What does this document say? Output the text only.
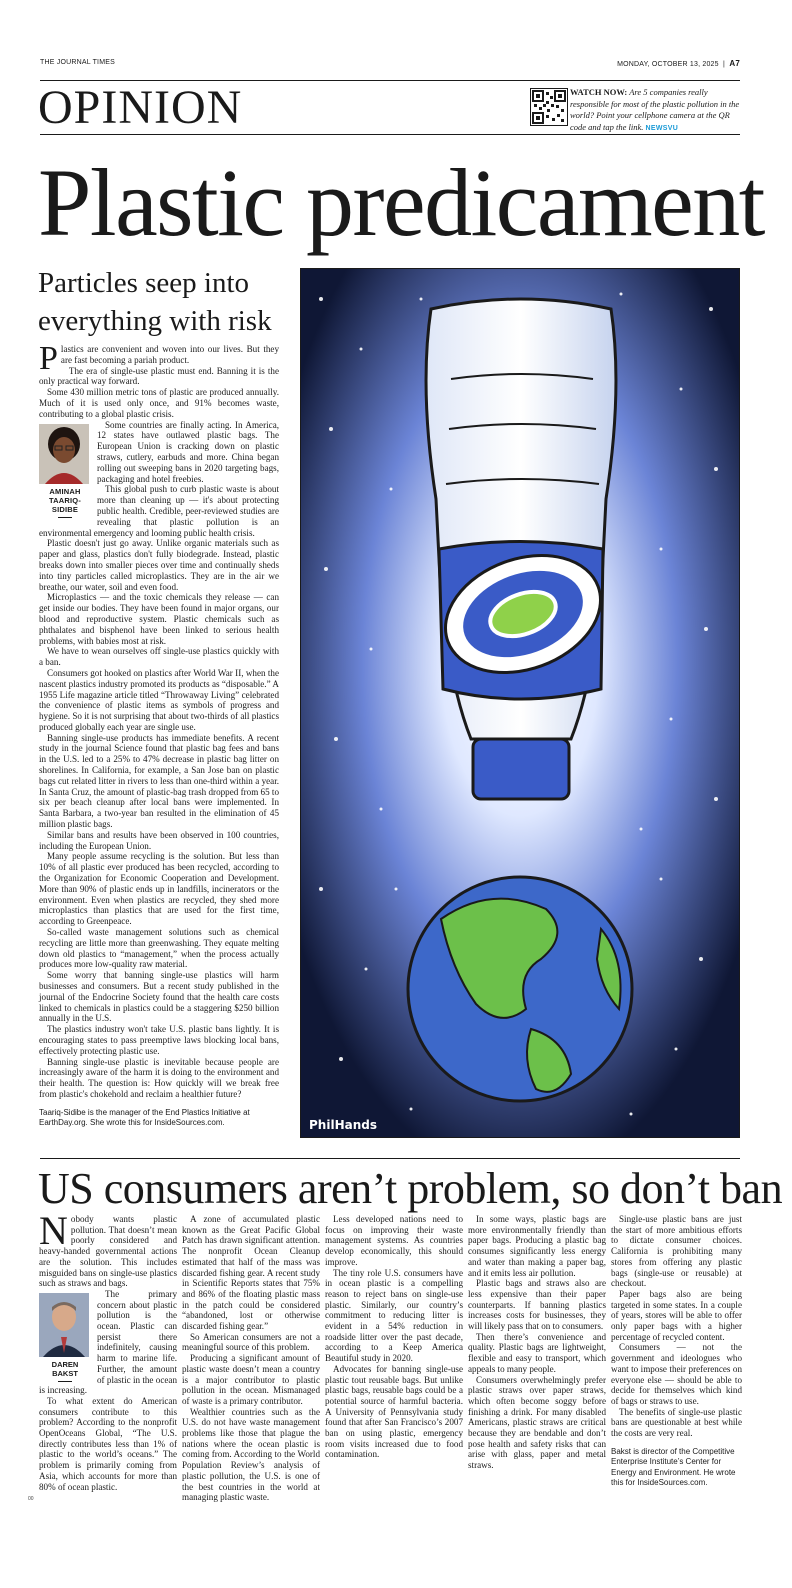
THE JOURNAL TIMES	MONDAY, OCTOBER 13, 2025  |  A7
OPINION	WATCH NOW: Are 5 companies really responsible for most of the plastic pollution in the world? Point your cellphone camera at the QR code and tap the link. NEWSVU
Plastic predicament
Particles seep into everything with risk

Plastics are convenient and woven into our lives. But they are fast becoming a pariah product.

The era of single-use plastic must end. Banning it is the only practical way forward.

Some 430 million metric tons of plastic are produced annually. Much of it is used only once, and 91% becomes waste, contributing to a global plastic crisis.

AMINAH
TAARIQ-
SIDIBE

Some countries are finally acting. In America, 12 states have outlawed plastic bags. The European Union is cracking down on plastic straws, cutlery, earbuds and more. China began rolling out sweeping bans in 2020 targeting bags, packaging and hotel freebies.

This global push to curb plastic waste is about more than cleaning up — it's about protecting public health. Credible, peer-reviewed studies are revealing that plastic pollution is an environmental emergency and looming public health crisis.

Plastic doesn't just go away. Unlike organic materials such as paper and glass, plastics don't fully biodegrade. Instead, plastic breaks down into smaller pieces over time and continually sheds into tiny particles called microplastics. They are in the air we breathe, our water, soil and even food.

Microplastics — and the toxic chemicals they release — can get inside our bodies. They have been found in major organs, our blood and reproductive system. Plastic chemicals such as phthalates and bisphenol have been linked to serious health problems, with babies most at risk.

We have to wean ourselves off single-use plastics quickly with a ban.

Consumers got hooked on plastics after World War II, when the nascent plastics industry promoted its products as “disposable.” A 1955 Life magazine article titled “Throwaway Living” celebrated the convenience of plastic items as symbols of progress and hygiene. So it is not surprising that about two-thirds of all plastics produced globally each year are single use.

Banning single-use products has immediate benefits. A recent study in the journal Science found that plastic bag fees and bans in the U.S. led to a 25% to 47% decrease in plastic bag litter on shorelines. In California, for example, a San Jose ban on plastic bags cut related litter in rivers to less than one-third within a year. In Santa Cruz, the amount of plastic-bag trash dropped from 65 to six per beach cleanup after local bans were implemented. In Santa Barbara, a two-year ban resulted in the elimination of 45 million plastic bags.

Similar bans and results have been observed in 100 countries, including the European Union.

Many people assume recycling is the solution. But less than 10% of all plastic ever produced has been recycled, according to the Organization for Economic Cooperation and Development. More than 90% of plastic ends up in landfills, incinerators or the environment. Even when plastics are recycled, they shed more microplastics than plastics that are used for the first time, according to Greenpeace.

So-called waste management solutions such as chemical recycling are little more than greenwashing. They equate melting down old plastics to “management,” when the process actually produces more low-quality raw material.

Some worry that banning single-use plastics will harm businesses and consumers. But a recent study published in the journal of the Endocrine Society found that the health care costs linked to chemicals in plastics could be a staggering $250 billion annually in the U.S.

The plastics industry won't take U.S. plastic bans lightly. It is encouraging states to pass preemptive laws blocking local bans, effectively protecting plastic use.

Banning single-use plastic is inevitable because people are increasingly aware of the harm it is doing to the environment and their health. The question is: How quickly will we break free from plastic's chokehold and reclaim a healthier future?

Taariq-Sidibe is the manager of the End Plastics Initiative at EarthDay.org. She wrote this for InsideSources.com.	PhilHands
US consumers aren’t problem, so don’t ban

Nobody wants plastic pollution. That doesn’t mean poorly considered and heavy-handed governmental actions are the solution. This includes misguided bans on single-use plastics such as straws and bags.

DAREN
BAKST

The primary concern about plastic pollution is the ocean. Plastic can persist there indefinitely, causing harm to marine life. Further, the amount of plastic in the ocean is increasing.

To what extent do American consumers contribute to this problem? According to the nonprofit OpenOceans Global, “The U.S. directly contributes less than 1% of plastic to the world’s oceans.” The problem is primarily coming from Asia, which accounts for more than 80% of ocean plastic.

A zone of accumulated plastic known as the Great Pacific Global Patch has drawn significant attention. The nonprofit Ocean Cleanup estimated that half of the mass was discarded fishing gear. A recent study in Scientific Reports states that 75% and 86% of the floating plastic mass in the patch could be considered “abandoned, lost or otherwise discarded fishing gear.”

So American consumers are not a meaningful source of this problem.

Producing a significant amount of plastic waste doesn’t mean a country is a major contributor to plastic pollution in the ocean. Mismanaged of waste is a primary contributor.

Wealthier countries such as the U.S. do not have waste management problems like those that plague the nations where the ocean plastic is coming from. According to the World Population Review’s analysis of plastic pollution, the U.S. is one of the best countries in the world at managing plastic waste.

Less developed nations need to focus on improving their waste management systems. As countries develop economically, this should improve.

The tiny role U.S. consumers have in ocean plastic is a compelling reason to reject bans on single-use plastic. Similarly, our country’s commitment to reducing litter is evident in a 54% reduction in roadside litter over the past decade, according to a Keep America Beautiful study in 2020.

Advocates for banning single-use plastic tout reusable bags. But unlike plastic bags, reusable bags could be a potential source of harmful bacteria. A University of Pennsylvania study found that after San Francisco’s 2007 ban on using plastic, emergency room visits increased due to food contamination.

In some ways, plastic bags are more environmentally friendly than paper bags. Producing a plastic bag consumes significantly less energy and water than making a paper bag, and it emits less air pollution.

Plastic bags and straws also are less expensive than their paper counterparts. If banning plastics increases costs for businesses, they will likely pass that on to consumers.

Then there’s convenience and quality. Plastic bags are lightweight, flexible and easy to transport, which appeals to many people.

Consumers overwhelmingly prefer plastic straws over paper straws, which often become soggy before finishing a drink. For many disabled Americans, plastic straws are critical because they are bendable and don’t pose health and safety risks that can arise with glass, paper and metal straws.

Single-use plastic bans are just the start of more ambitious efforts to dictate consumer choices. California is prohibiting many stores from offering any plastic bags (single-use or reusable) at checkout.

Paper bags also are being targeted in some states. In a couple of years, stores will be able to offer only paper bags with a higher percentage of recycled content.

Consumers — not the government and ideologues who want to impose their preferences on everyone else — should be able to decide for themselves which kind of bags or straws to use.

The benefits of single-use plastic bans are questionable at best while the costs are very real.

Bakst is director of the Competitive Enterprise Institute’s Center for Energy and Environment. He wrote this for InsideSources.com.
00
